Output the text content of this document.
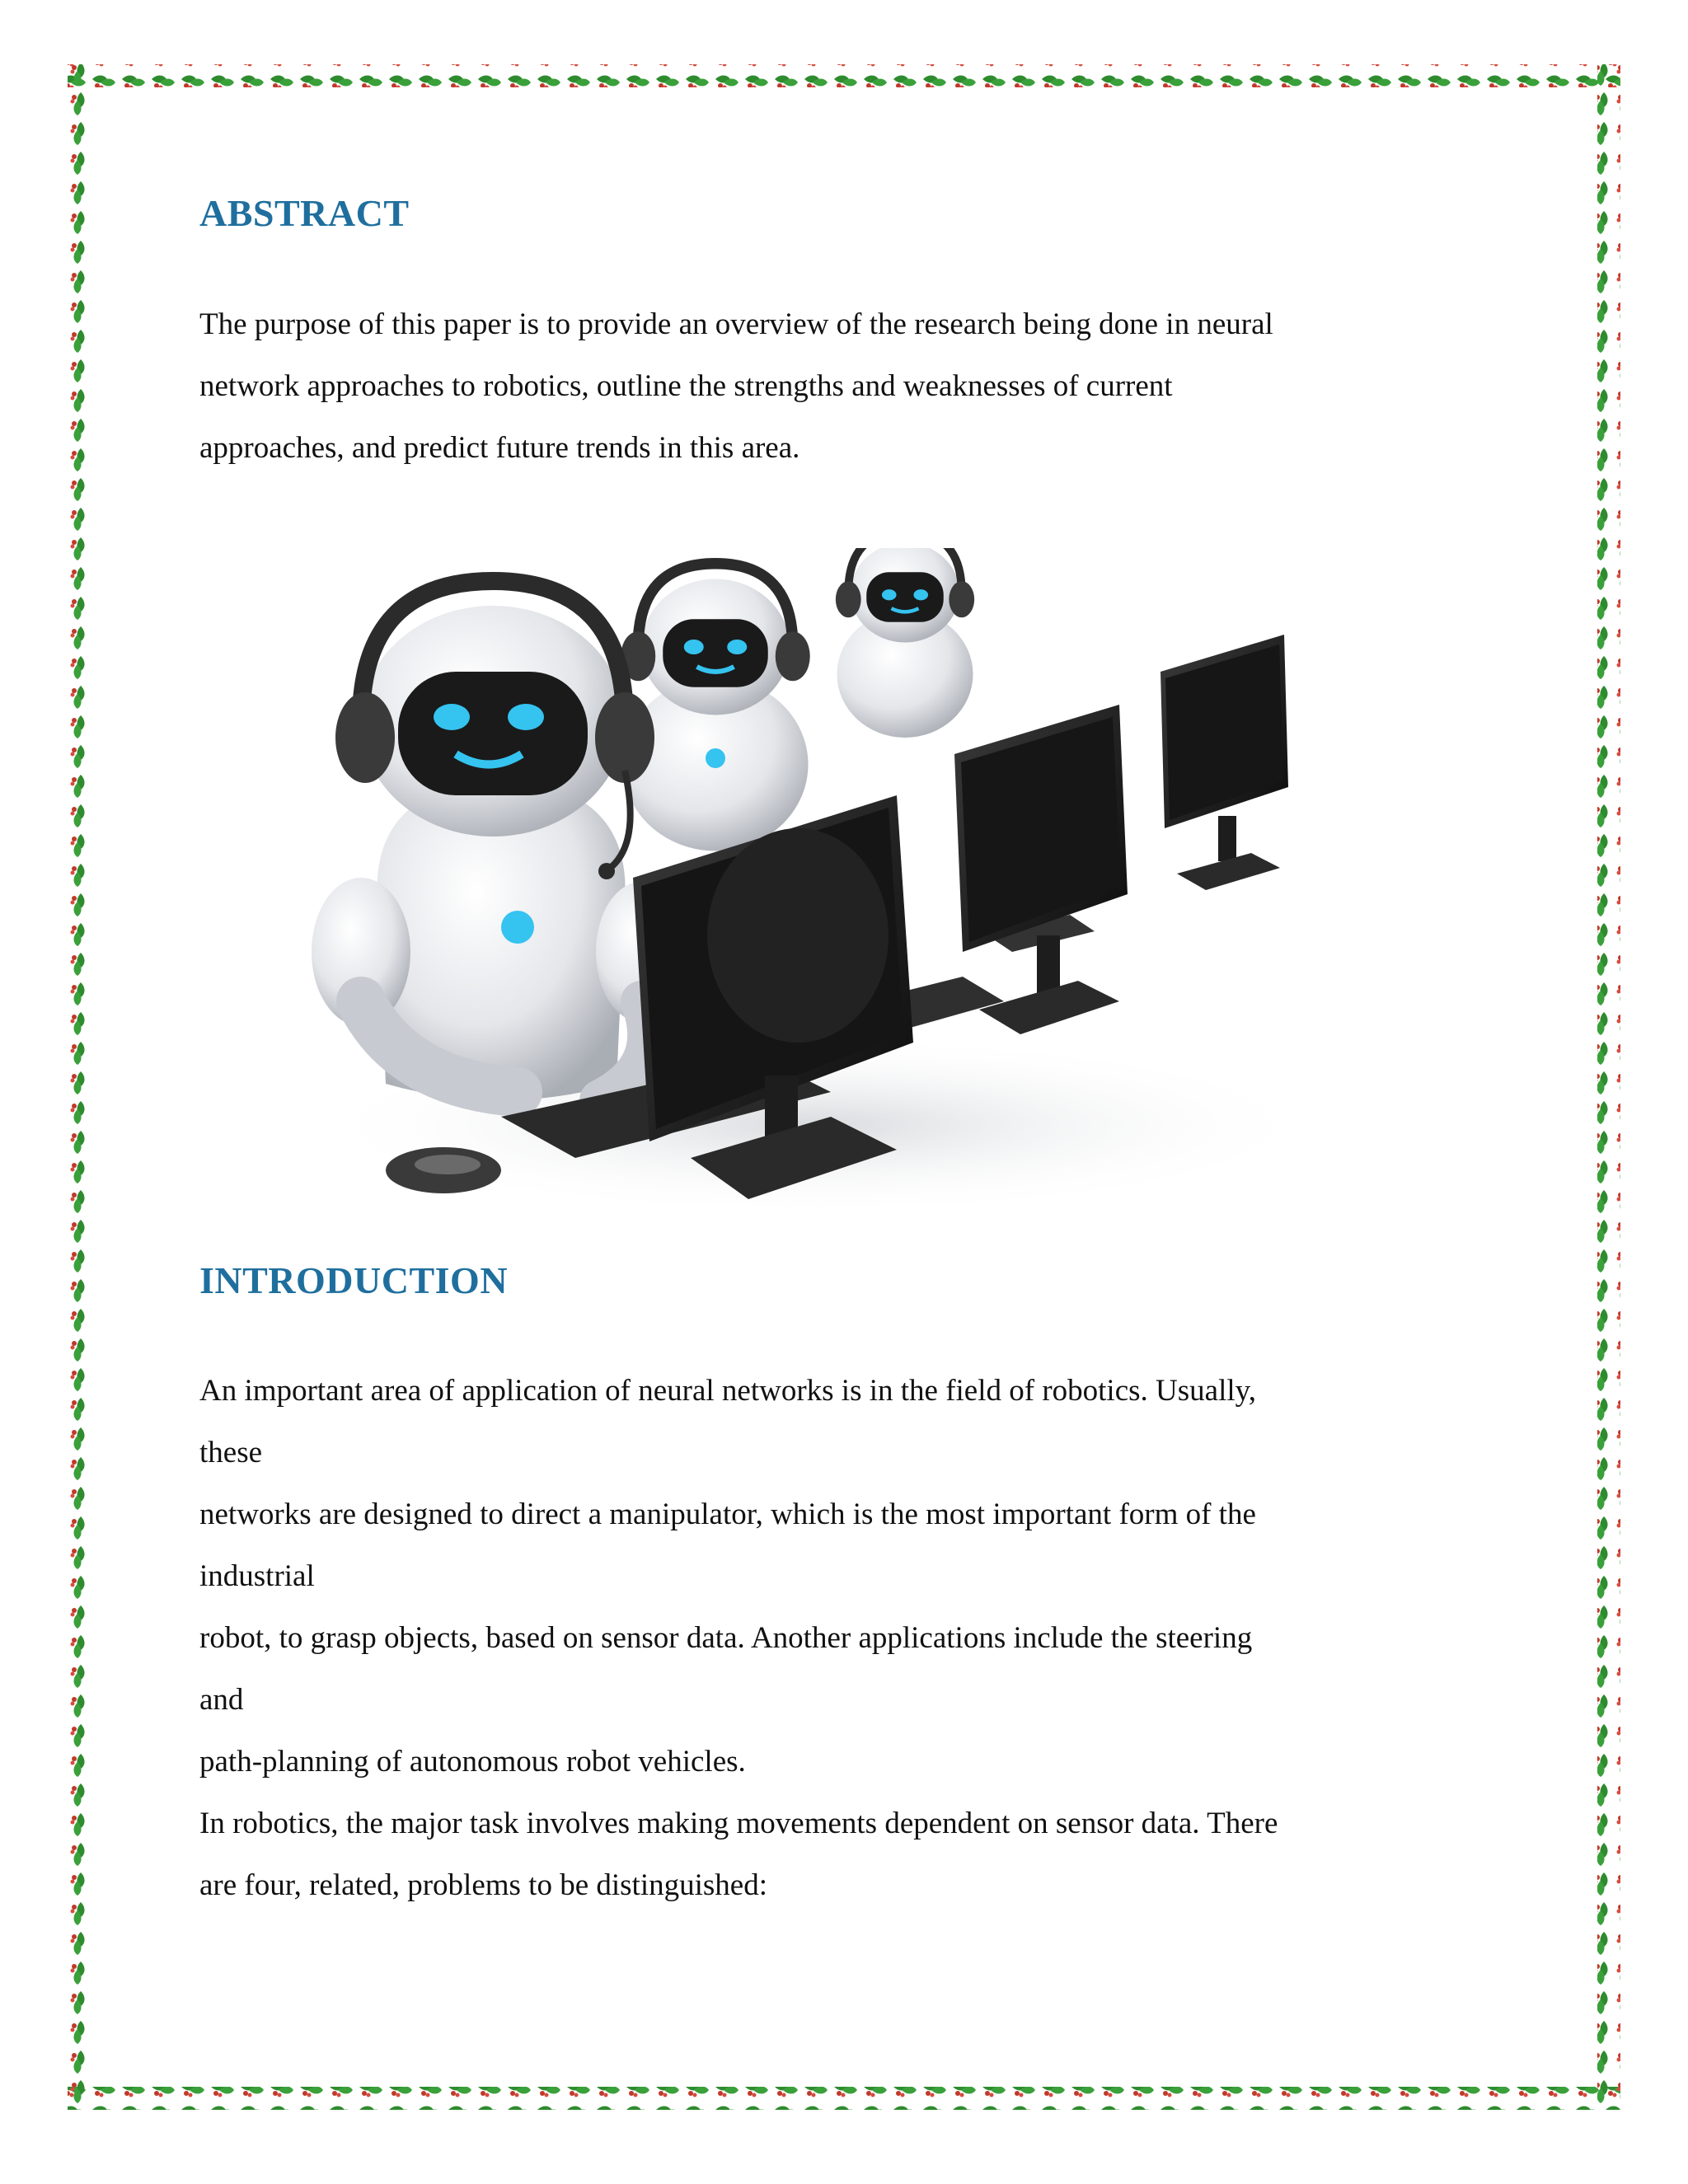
ABSTRACT

The purpose of this paper is to provide an overview of the research being done in neural
network approaches to robotics, outline the strengths and weaknesses of current
approaches, and predict future trends in this area.

INTRODUCTION

An important area of application of neural networks is in the field of robotics. Usually,
these
networks are designed to direct a manipulator, which is the most important form of the
industrial
robot, to grasp objects, based on sensor data. Another applications include the steering
and
path-planning of autonomous robot vehicles.
In robotics, the major task involves making movements dependent on sensor data. There
are four, related, problems to be distinguished:
